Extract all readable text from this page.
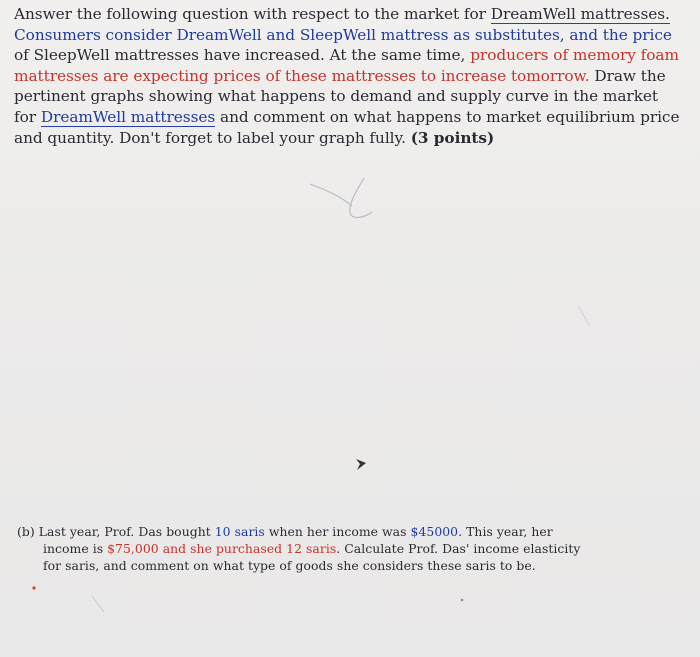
Answer the following question with respect to the market for DreamWell mattresses.
Consumers consider DreamWell and SleepWell mattress as substitutes, and the price
of SleepWell mattresses have increased. At the same time, producers of memory foam
mattresses are expecting prices of these mattresses to increase tomorrow. Draw the
pertinent graphs showing what happens to demand and supply curve in the market
for DreamWell mattresses and comment on what happens to market equilibrium price
and quantity. Don't forget to label your graph fully. (3 points)
(b) Last year, Prof. Das bought 10 saris when her income was $45000. This year, her
income is $75,000 and she purchased 12 saris. Calculate Prof. Das' income elasticity
for saris, and comment on what type of goods she considers these saris to be.
